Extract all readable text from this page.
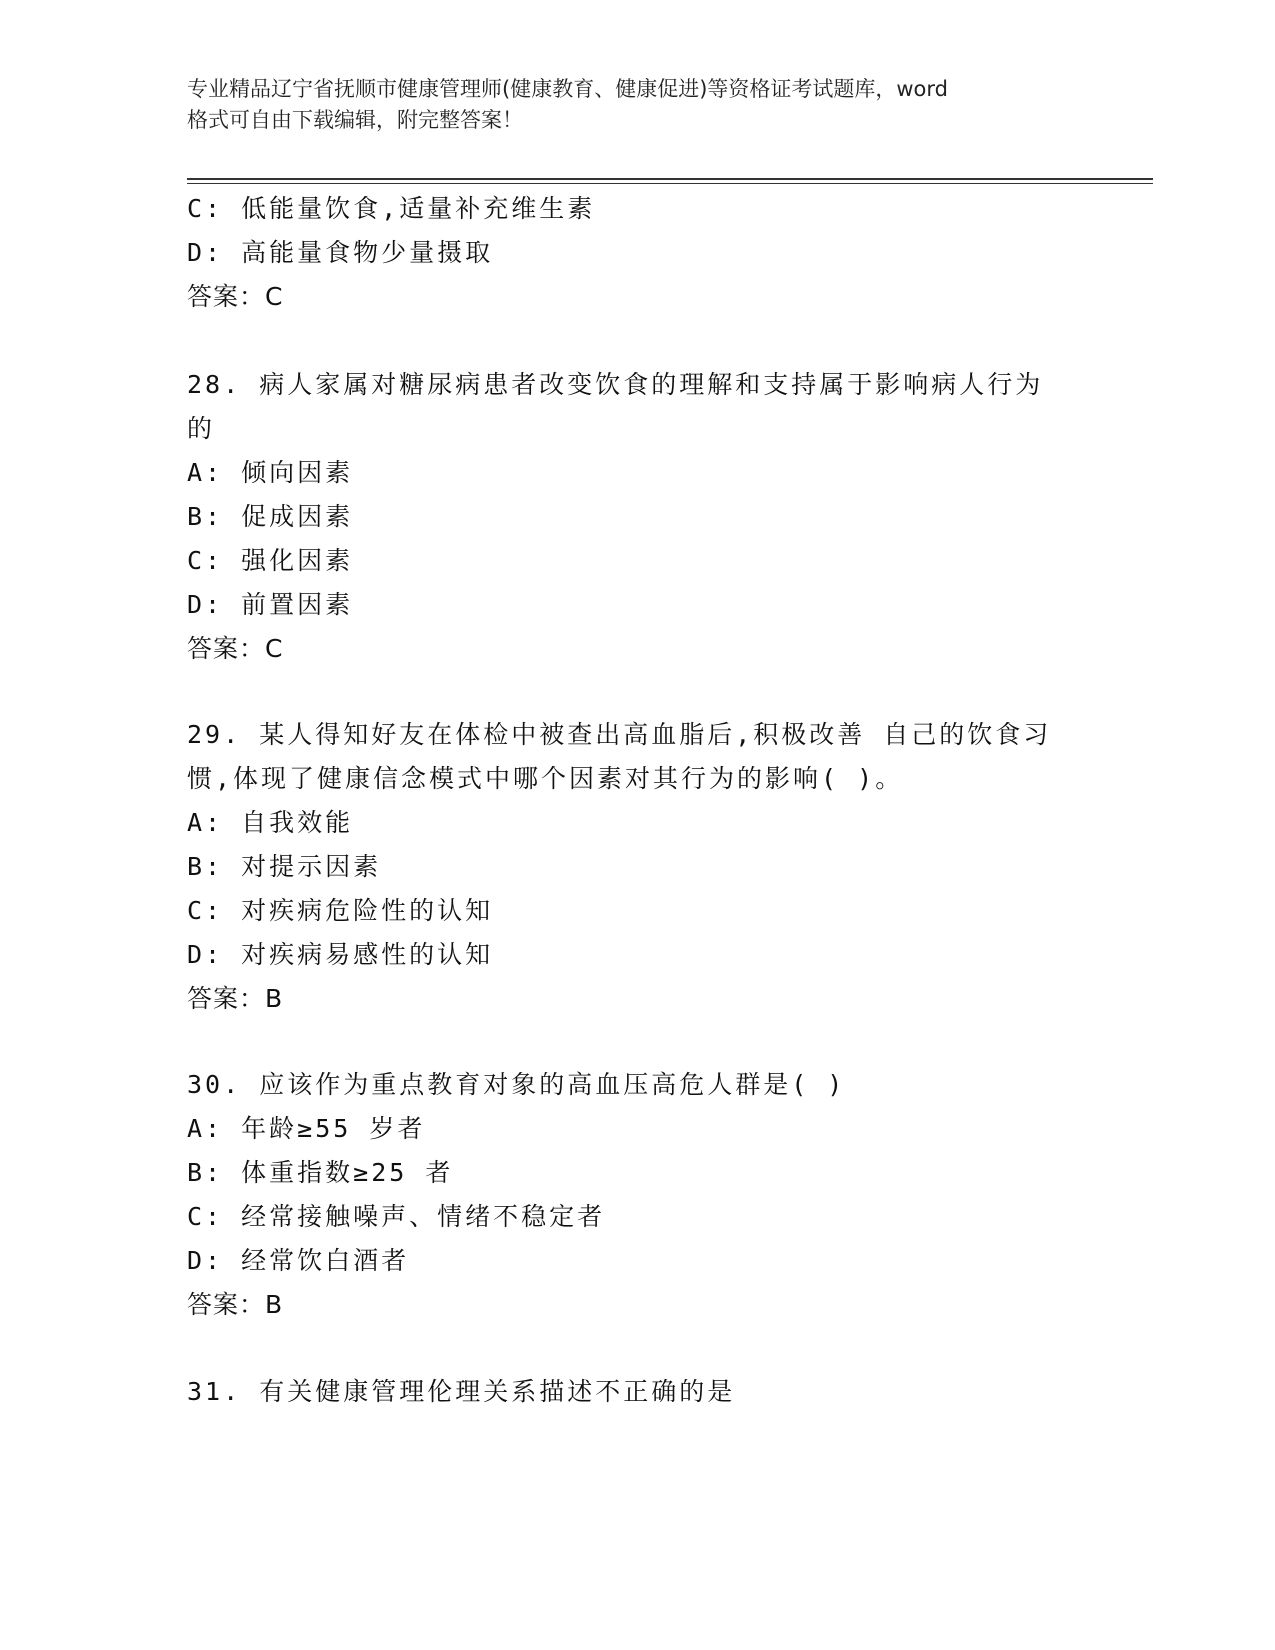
专业精品辽宁省抚顺市健康管理师(健康教育、健康促进)等资格证考试题库，word
格式可自由下载编辑，附完整答案！
C: 低能量饮食,适量补充维生素
D: 高能量食物少量摄取
答案：C
28. 病人家属对糖尿病患者改变饮食的理解和支持属于影响病人行为
的
A: 倾向因素
B: 促成因素
C: 强化因素
D: 前置因素
答案：C
29. 某人得知好友在体检中被查出高血脂后,积极改善 自己的饮食习
惯,体现了健康信念模式中哪个因素对其行为的影响( )。
A: 自我效能
B: 对提示因素
C: 对疾病危险性的认知
D: 对疾病易感性的认知
答案：B
30. 应该作为重点教育对象的高血压高危人群是( )
A: 年龄≥55 岁者
B: 体重指数≥25 者
C: 经常接触噪声、情绪不稳定者
D: 经常饮白酒者
答案：B
31. 有关健康管理伦理关系描述不正确的是
